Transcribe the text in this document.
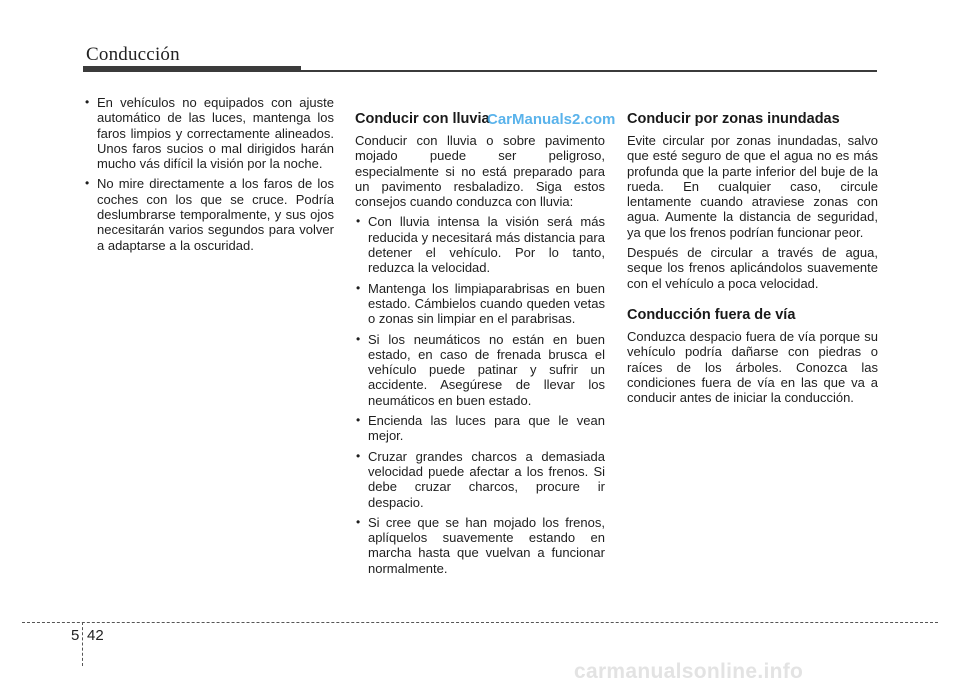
Conducción
• En vehículos no equipados con ajuste automático de las luces, mantenga los faros limpios y correctamente alineados. Unos faros sucios o mal dirigidos harán mucho vás difícil la visión por la noche.
• No mire directamente a los faros de los coches con los que se cruce. Podría deslumbrarse temporalmente, y sus ojos necesitarán varios segundos para volver a adaptarse a la oscuridad.
Conducir con lluvia

Conducir con lluvia o sobre pavimento mojado puede ser peligroso, especialmente si no está preparado para un pavimento resbaladizo. Siga estos consejos cuando conduzca con lluvia:

• Con lluvia intensa la visión será más reducida y necesitará más distancia para detener el vehículo. Por lo tanto, reduzca la velocidad.
• Mantenga los limpiaparabrisas en buen estado. Cámbielos cuando queden vetas o zonas sin limpiar en el parabrisas.
• Si los neumáticos no están en buen estado, en caso de frenada brusca el vehículo puede patinar y sufrir un accidente. Asegúrese de llevar los neumáticos en buen estado.
• Encienda las luces para que le vean mejor.
• Cruzar grandes charcos a demasiada velocidad puede afectar a los frenos. Si debe cruzar charcos, procure ir despacio.
• Si cree que se han mojado los frenos, aplíquelos suavemente estando en marcha hasta que vuelvan a funcionar normalmente.
CarManuals2.com Conducir por zonas inundadas

Evite circular por zonas inundadas, salvo que esté seguro de que el agua no es más profunda que la parte inferior del buje de la rueda. En cualquier caso, circule lentamente cuando atraviese zonas con agua. Aumente la distancia de seguridad, ya que los frenos podrían funcionar peor.

Después de circular a través de agua, seque los frenos aplicándolos suavemente con el vehículo a poca velocidad.

Conducción fuera de vía

Conduzca despacio fuera de vía porque su vehículo podría dañarse con piedras o raíces de los árboles. Conozca las condiciones fuera de vía en las que va a conducir antes de iniciar la conducción.

5 42
carmanualsonline.info
